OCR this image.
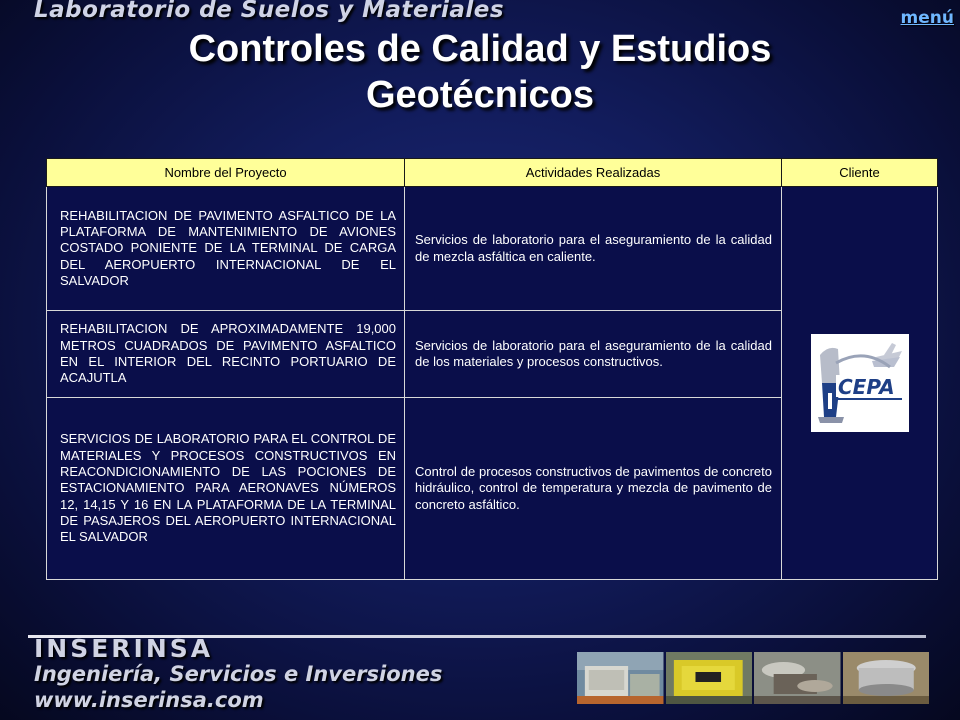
Laboratorio de Suelos y Materiales	menú
Controles de Calidad y Estudios Geotécnicos
Nombre del Proyecto	Actividades Realizadas	Cliente
REHABILITACION DE PAVIMENTO ASFALTICO DE LA PLATAFORMA DE MANTENIMIENTO DE AVIONES COSTADO PONIENTE DE LA TERMINAL DE CARGA DEL AEROPUERTO INTERNACIONAL DE EL SALVADOR	Servicios de laboratorio para el aseguramiento de la calidad de mezcla asfáltica en caliente.	CEPA

REHABILITACION DE APROXIMADAMENTE 19,000 METROS CUADRADOS DE PAVIMENTO ASFALTICO EN EL INTERIOR DEL RECINTO PORTUARIO DE ACAJUTLA	Servicios de laboratorio para el aseguramiento de la calidad de los materiales y procesos constructivos.	
SERVICIOS DE LABORATORIO PARA EL CONTROL DE MATERIALES Y PROCESOS CONSTRUCTIVOS EN REACONDICIONAMIENTO DE LAS POCIONES DE ESTACIONAMIENTO PARA AERONAVES NÚMEROS 12, 14,15 Y 16 EN LA PLATAFORMA DE LA TERMINAL DE PASAJEROS DEL AEROPUERTO INTERNACIONAL EL SALVADOR	Control de procesos constructivos de pavimentos de concreto hidráulico, control de temperatura y mezcla de pavimento de concreto asfáltico.	
INSERINSA
Ingeniería, Servicios e Inversiones
www.inserinsa.com
